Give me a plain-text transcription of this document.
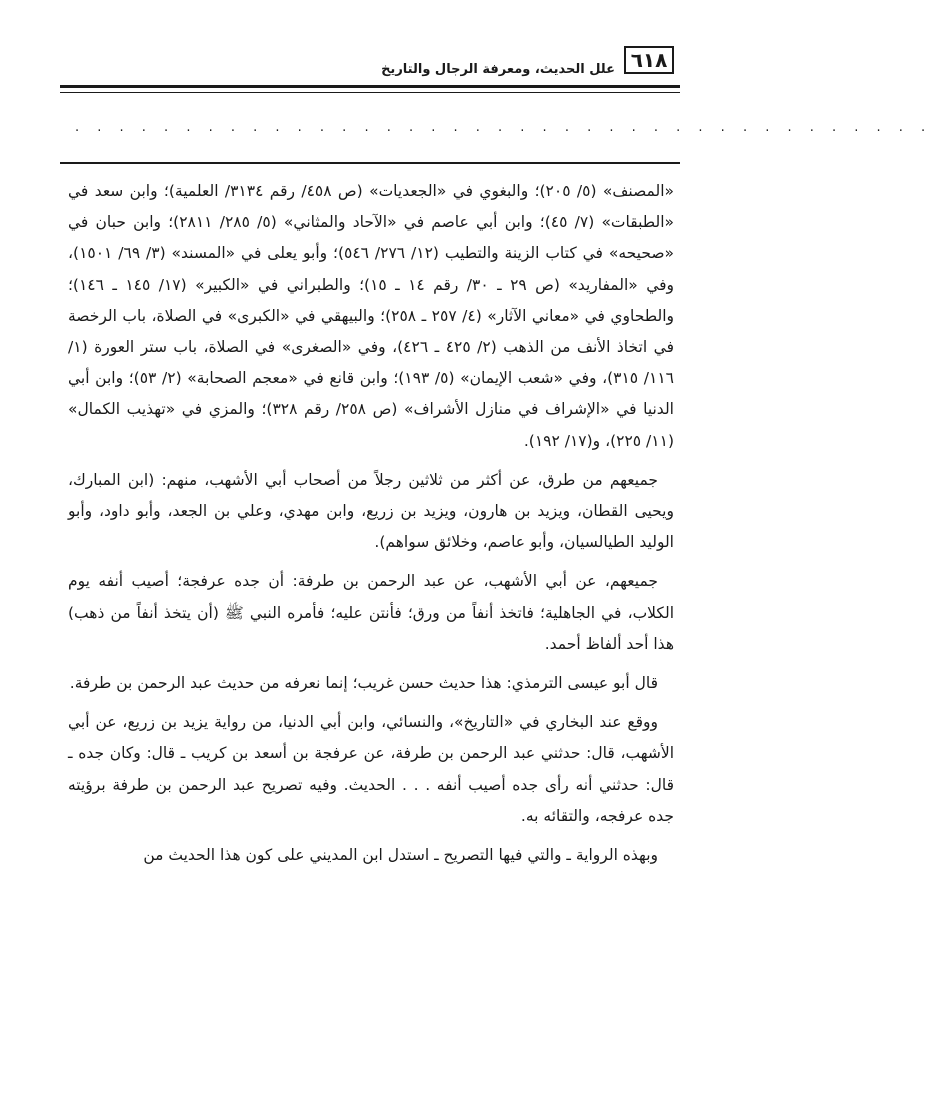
٦١٨
علل الحديث، ومعرفة الرجال والتاريخ
. . . . . . . . . . . . . . . . . . . . . . . . . . . . . . . . . . . . . . .

«المصنف» (٥/ ٢٠٥)؛ والبغوي في «الجعديات» (ص ٤٥٨/ رقم ٣١٣٤/ العلمية)؛ وابن سعد في «الطبقات» (٧/ ٤٥)؛ وابن أبي عاصم في «الآحاد والمثاني» (٥/ ٢٨٥/ ٢٨١١)؛ وابن حبان في «صحيحه» في كتاب الزينة والتطيب (١٢/ ٢٧٦/ ٥٤٦)؛ وأبو يعلى في «المسند» (٣/ ٦٩/ ١٥٠١)، وفي «المفاريد» (ص ٢٩ ـ ٣٠/ رقم ١٤ ـ ١٥)؛ والطبراني في «الكبير» (١٧/ ١٤٥ ـ ١٤٦)؛ والطحاوي في «معاني الآثار» (٤/ ٢٥٧ ـ ٢٥٨)؛ والبيهقي في «الكبرى» في الصلاة، باب الرخصة في اتخاذ الأنف من الذهب (٢/ ٤٢٥ ـ ٤٢٦)، وفي «الصغرى» في الصلاة، باب ستر العورة (١/ ١١٦/ ٣١٥)، وفي «شعب الإيمان» (٥/ ١٩٣)؛ وابن قانع في «معجم الصحابة» (٢/ ٥٣)؛ وابن أبي الدنيا في «الإشراف في منازل الأشراف» (ص ٢٥٨/ رقم ٣٢٨)؛ والمزي في «تهذيب الكمال» (١١/ ٢٢٥)، و(١٧/ ١٩٢).

جميعهم من طرق، عن أكثر من ثلاثين رجلاً من أصحاب أبي الأشهب، منهم: (ابن المبارك، ويحيى القطان، ويزيد بن هارون، ويزيد بن زريع، وابن مهدي، وعلي بن الجعد، وأبو داود، وأبو الوليد الطيالسيان، وأبو عاصم، وخلائق سواهم).

جميعهم، عن أبي الأشهب، عن عبد الرحمن بن طرفة: أن جده عرفجة؛ أصيب أنفه يوم الكلاب، في الجاهلية؛ فاتخذ أنفاً من ورق؛ فأنتن عليه؛ فأمره النبي ﷺ (أن يتخذ أنفاً من ذهب) هذا أحد ألفاظ أحمد.

قال أبو عيسى الترمذي: هذا حديث حسن غريب؛ إنما نعرفه من حديث عبد الرحمن بن طرفة.

ووقع عند البخاري في «التاريخ»، والنسائي، وابن أبي الدنيا، من رواية يزيد بن زريع، عن أبي الأشهب، قال: حدثني عبد الرحمن بن طرفة، عن عرفجة بن أسعد بن كريب ـ قال: وكان جده ـ قال: حدثني أنه رأى جده أصيب أنفه . . . الحديث. وفيه تصريح عبد الرحمن بن طرفة برؤيته جده عرفجه، والتقائه به.

وبهذه الرواية ـ والتي فيها التصريح ـ استدل ابن المديني على كون هذا الحديث من
